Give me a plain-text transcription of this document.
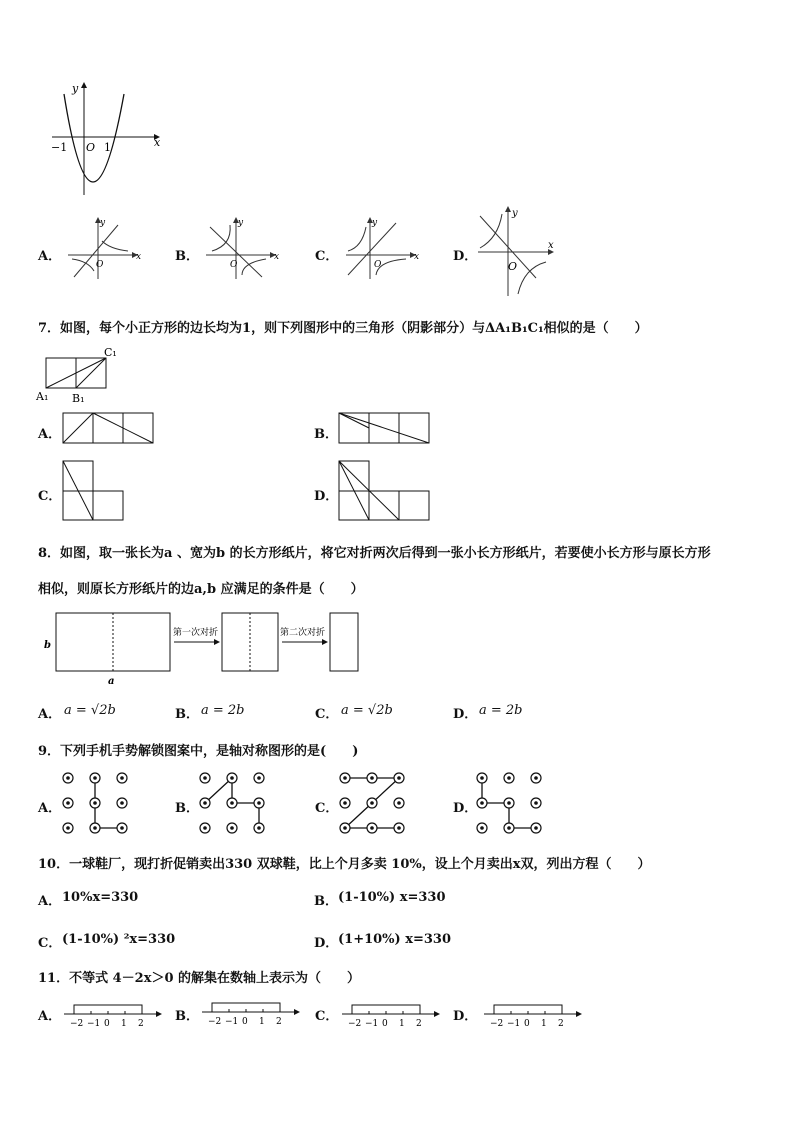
y
x
−1 O 1
A．
y
x
O
B．
y
x
O
C．
y
x
O
D．
y
x
O
7．如图，每个小正方形的边长均为1，则下列图形中的三角形（阴影部分）与ΔA₁B₁C₁相似的是（　　）
C₁
A₁ B₁
A．	B．
C．	D．
8．如图，取一张长为a 、宽为b 的长方形纸片，将它对折两次后得到一张小长方形纸片，若要使小长方形与原长方形
相似，则原长方形纸片的边a,b 应满足的条件是（　　）
b
a
第一次对折	第二次对折
A． a = √2b	B． a = 2b	C． a = √2b	D． a = 2b
9．下列手机手势解锁图案中，是轴对称图形的是(　　)
A．	B．	C．	D．
10．一球鞋厂，现打折促销卖出330 双球鞋，比上个月多卖 10%，设上个月卖出x双，列出方程（　　）
A． 10%x=330	B． (1-10%) x=330
C． (1-10%) ²x=330	D． (1+10%) x=330
11．不等式 4－2x＞0 的解集在数轴上表示为（　　）
A． −2 −1 0 1 2 B． −2 −1 0 1 2	C． −2 −1 0 1 2 D． −2 −1 0 1 2
